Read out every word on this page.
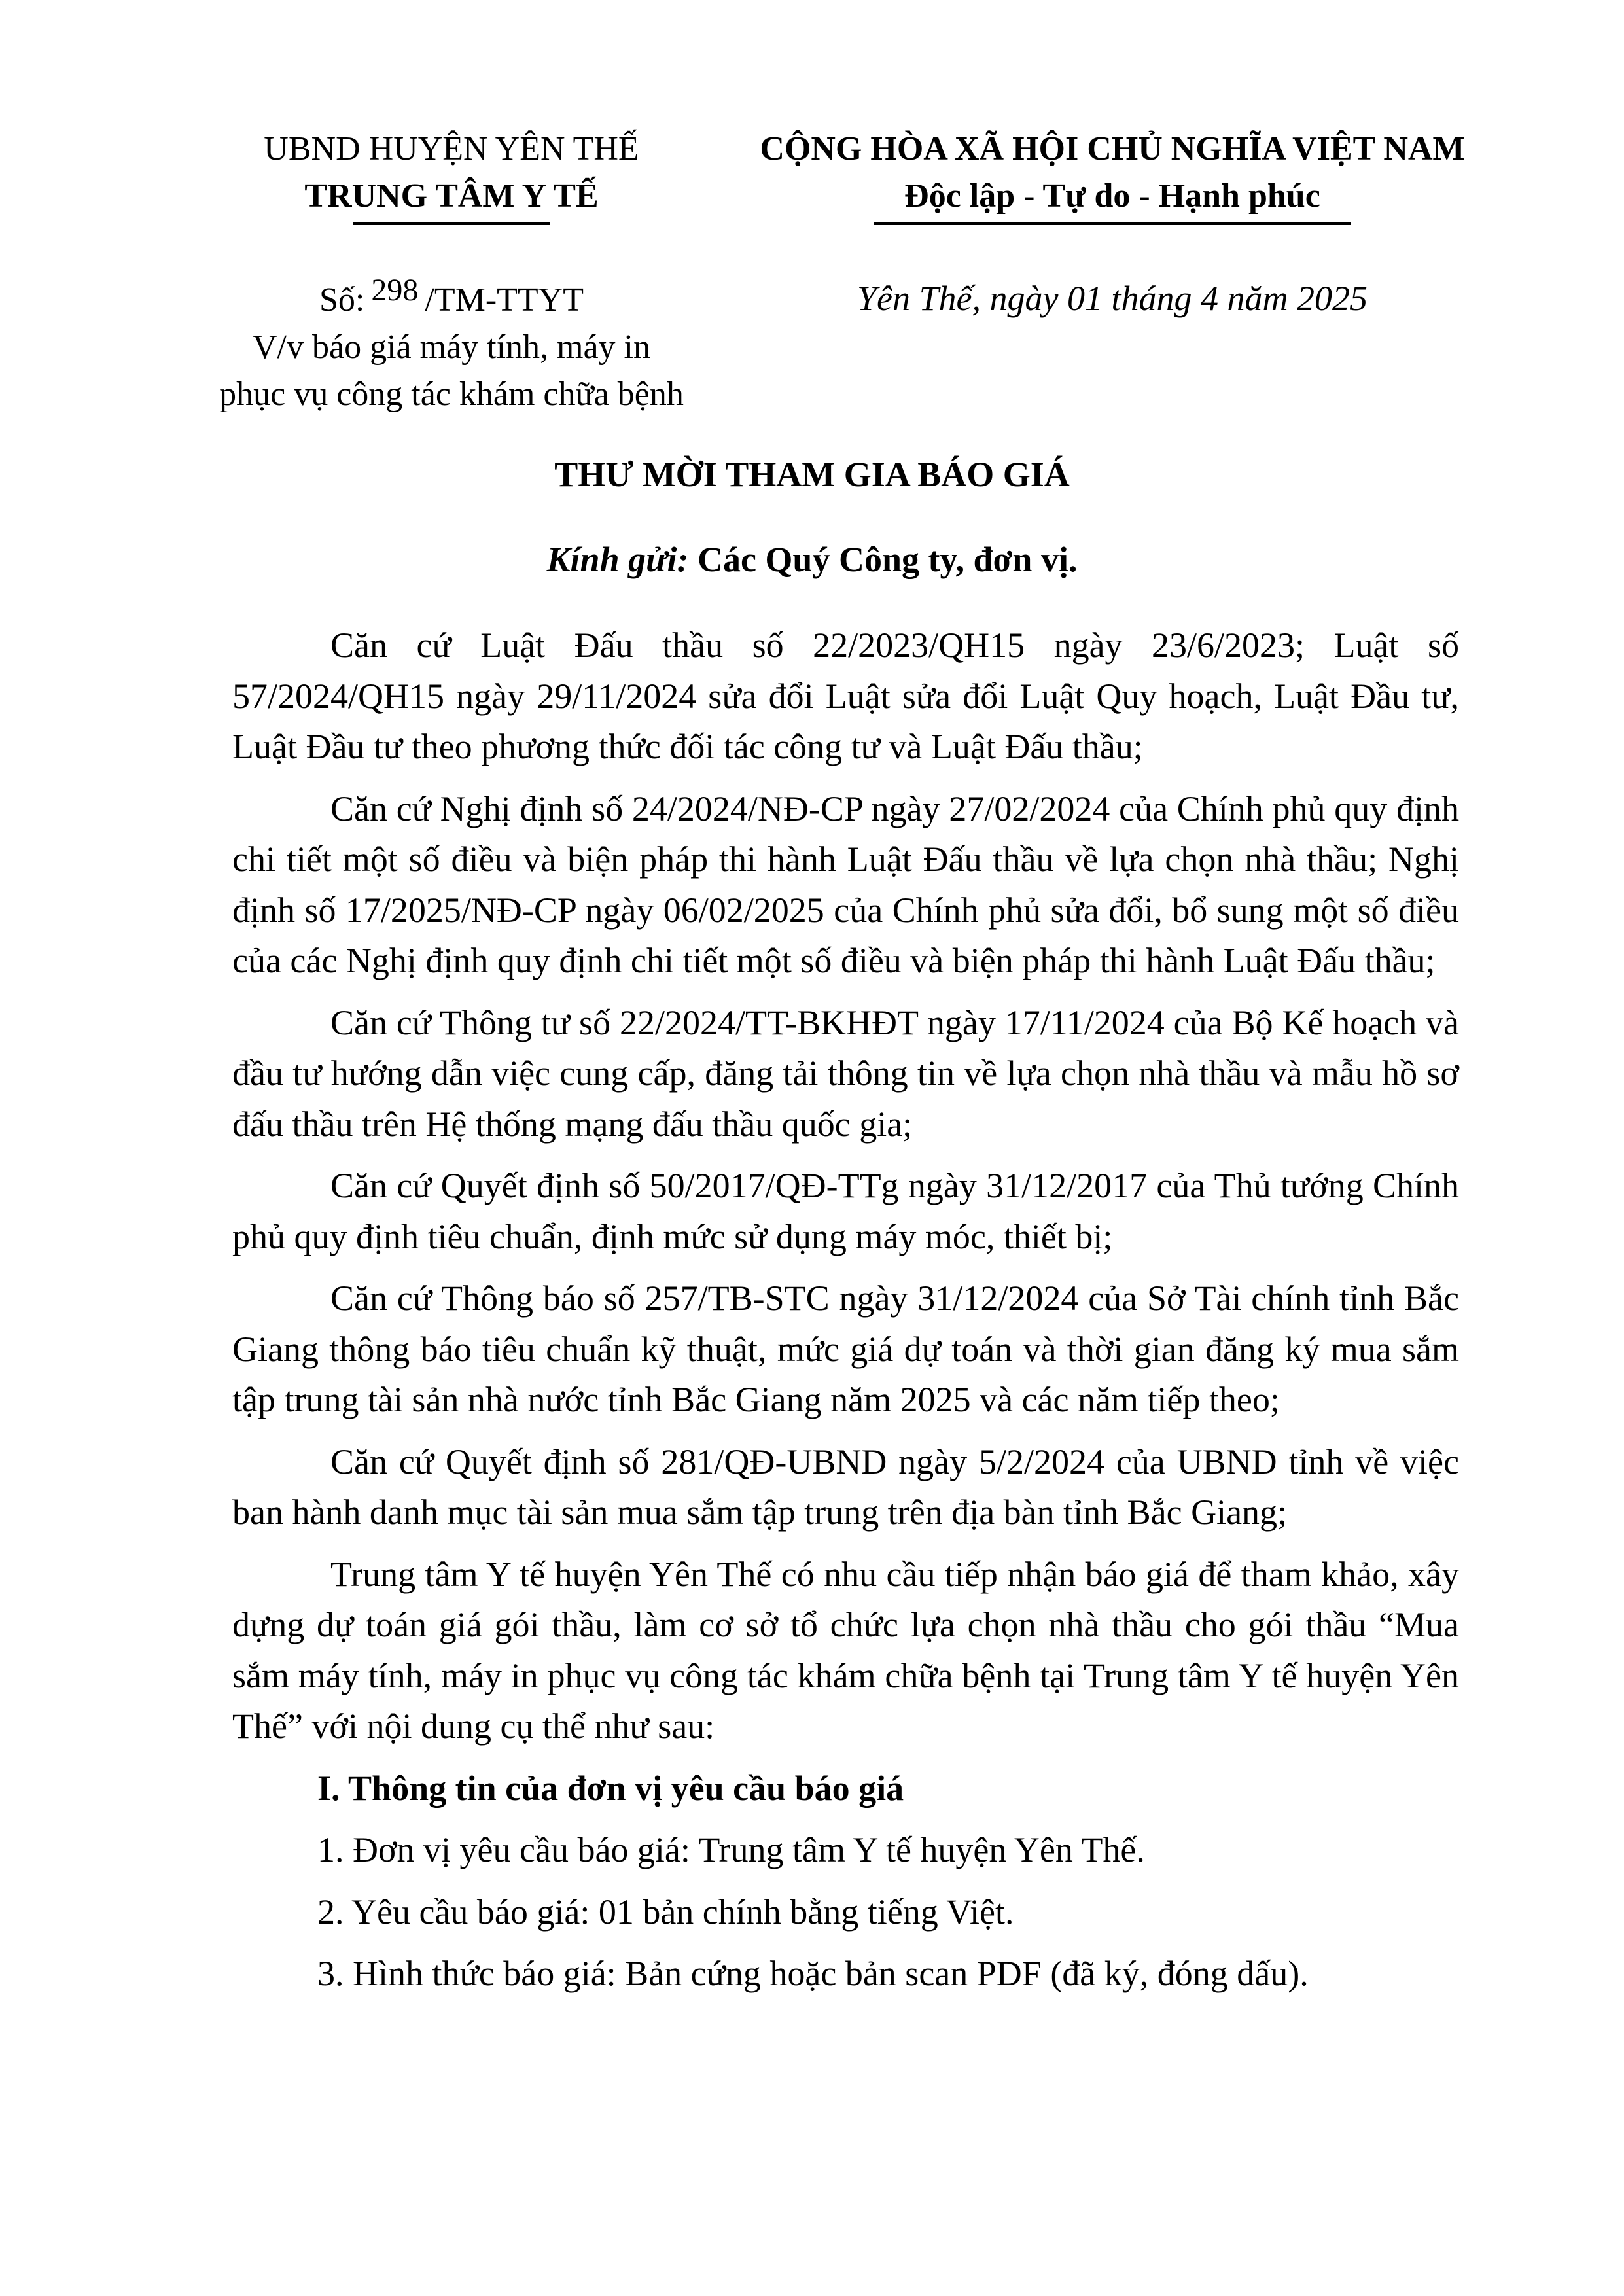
UBND HUYỆN YÊN THẾ
TRUNG TÂM Y TẾ
CỘNG HÒA XÃ HỘI CHỦ NGHĨA VIỆT NAM
Độc lập - Tự do - Hạnh phúc
Số: 298 /TM-TTYT
V/v báo giá máy tính, máy in
phục vụ công tác khám chữa bệnh
Yên Thế, ngày 01 tháng 4 năm 2025
THƯ MỜI THAM GIA BÁO GIÁ
Kính gửi: Các Quý Công ty, đơn vị.

Căn cứ Luật Đấu thầu số 22/2023/QH15 ngày 23/6/2023; Luật số 57/2024/QH15 ngày 29/11/2024 sửa đổi Luật sửa đổi Luật Quy hoạch, Luật Đầu tư, Luật Đầu tư theo phương thức đối tác công tư và Luật Đấu thầu;

Căn cứ Nghị định số 24/2024/NĐ-CP ngày 27/02/2024 của Chính phủ quy định chi tiết một số điều và biện pháp thi hành Luật Đấu thầu về lựa chọn nhà thầu; Nghị định số 17/2025/NĐ-CP ngày 06/02/2025 của Chính phủ sửa đổi, bổ sung một số điều của các Nghị định quy định chi tiết một số điều và biện pháp thi hành Luật Đấu thầu;

Căn cứ Thông tư số 22/2024/TT-BKHĐT ngày 17/11/2024 của Bộ Kế hoạch và đầu tư hướng dẫn việc cung cấp, đăng tải thông tin về lựa chọn nhà thầu và mẫu hồ sơ đấu thầu trên Hệ thống mạng đấu thầu quốc gia;

Căn cứ Quyết định số 50/2017/QĐ-TTg ngày 31/12/2017 của Thủ tướng Chính phủ quy định tiêu chuẩn, định mức sử dụng máy móc, thiết bị;

Căn cứ Thông báo số 257/TB-STC ngày 31/12/2024 của Sở Tài chính tỉnh Bắc Giang thông báo tiêu chuẩn kỹ thuật, mức giá dự toán và thời gian đăng ký mua sắm tập trung tài sản nhà nước tỉnh Bắc Giang năm 2025 và các năm tiếp theo;

Căn cứ Quyết định số 281/QĐ-UBND ngày 5/2/2024 của UBND tỉnh về việc ban hành danh mục tài sản mua sắm tập trung trên địa bàn tỉnh Bắc Giang;

Trung tâm Y tế huyện Yên Thế có nhu cầu tiếp nhận báo giá để tham khảo, xây dựng dự toán giá gói thầu, làm cơ sở tổ chức lựa chọn nhà thầu cho gói thầu “Mua sắm máy tính, máy in phục vụ công tác khám chữa bệnh tại Trung tâm Y tế huyện Yên Thế” với nội dung cụ thể như sau:

I. Thông tin của đơn vị yêu cầu báo giá

1. Đơn vị yêu cầu báo giá: Trung tâm Y tế huyện Yên Thế.

2. Yêu cầu báo giá: 01 bản chính bằng tiếng Việt.

3. Hình thức báo giá: Bản cứng hoặc bản scan PDF (đã ký, đóng dấu).
